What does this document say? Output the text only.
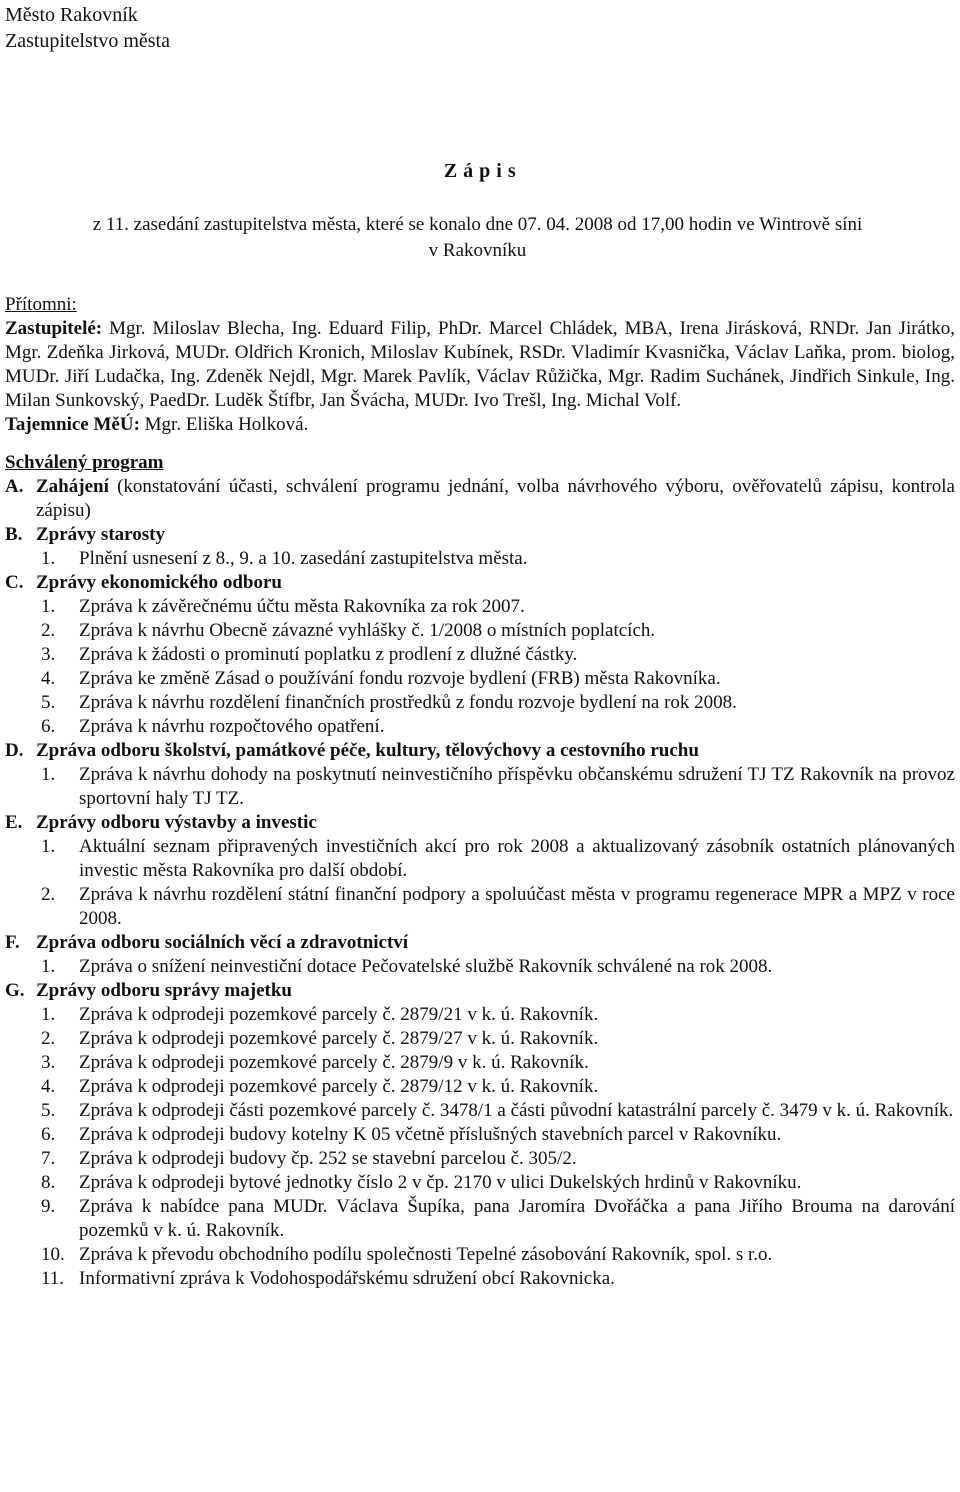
Město Rakovník
Zastupitelstvo města
Z á p i s
z 11. zasedání zastupitelstva města, které se konalo dne 07. 04. 2008 od 17,00 hodin ve Wintrově síni
v Rakovníku
Přítomni:
Zastupitelé: Mgr. Miloslav Blecha, Ing. Eduard Filip, PhDr. Marcel Chládek, MBA, Irena Jirásková, RNDr. Jan Jirátko, Mgr. Zdeňka Jirková, MUDr. Oldřich Kronich, Miloslav Kubínek, RSDr. Vladimír Kvasnička, Václav Laňka, prom. biolog, MUDr. Jiří Ludačka, Ing. Zdeněk Nejdl, Mgr. Marek Pavlík, Václav Růžička, Mgr. Radim Suchánek, Jindřich Sinkule, Ing. Milan Sunkovský, PaedDr. Luděk Štífbr, Jan Švácha, MUDr. Ivo Trešl, Ing. Michal Volf.
Tajemnice MěÚ: Mgr. Eliška Holková.
Schválený program
A. Zahájení (konstatování účasti, schválení programu jednání, volba návrhového výboru, ověřovatelů zápisu, kontrola zápisu)
B. Zprávy starosty
1.	Plnění usnesení z 8., 9. a 10. zasedání zastupitelstva města.
C. Zprávy ekonomického odboru
1.	Zpráva k závěrečnému účtu města Rakovníka za rok 2007.
2.	Zpráva k návrhu Obecně závazné vyhlášky č. 1/2008 o místních poplatcích.
3.	Zpráva k žádosti o prominutí poplatku z prodlení z dlužné částky.
4.	Zpráva ke změně Zásad o používání fondu rozvoje bydlení (FRB) města Rakovníka.
5.	Zpráva k návrhu rozdělení finančních prostředků z fondu rozvoje bydlení na rok 2008.
6.	Zpráva k návrhu rozpočtového opatření.
D. Zpráva odboru školství, památkové péče, kultury, tělovýchovy a cestovního ruchu
1.	Zpráva k návrhu dohody na poskytnutí neinvestičního příspěvku občanskému sdružení TJ TZ Rakovník na provoz sportovní haly TJ TZ.
E. Zprávy odboru výstavby a investic
1.	Aktuální seznam připravených investičních akcí pro rok 2008 a aktualizovaný zásobník ostatních plánovaných investic města Rakovníka pro další období.
2.	Zpráva k návrhu rozdělení státní finanční podpory a spoluúčast města v programu regenerace MPR a MPZ v roce 2008.
F. Zpráva odboru sociálních věcí a zdravotnictví
1.	Zpráva o snížení neinvestiční dotace Pečovatelské službě Rakovník schválené na rok 2008.
G. Zprávy odboru správy majetku
1.	Zpráva k odprodeji pozemkové parcely č. 2879/21 v k. ú. Rakovník.
2.	Zpráva k odprodeji pozemkové parcely č. 2879/27 v k. ú. Rakovník.
3.	Zpráva k odprodeji pozemkové parcely č. 2879/9 v k. ú. Rakovník.
4.	Zpráva k odprodeji pozemkové parcely č. 2879/12 v k. ú. Rakovník.
5.	Zpráva k odprodeji části pozemkové parcely č. 3478/1 a části původní katastrální parcely č. 3479 v k. ú. Rakovník.
6.	Zpráva k odprodeji budovy kotelny K 05 včetně příslušných stavebních parcel v Rakovníku.
7.	Zpráva k odprodeji budovy čp. 252 se stavební parcelou č. 305/2.
8.	Zpráva k odprodeji bytové jednotky číslo 2 v čp. 2170 v ulici Dukelských hrdinů v Rakovníku.
9.	Zpráva k nabídce pana MUDr. Václava Šupíka, pana Jaromíra Dvořáčka a pana Jiřího Brouma na darování pozemků v k. ú. Rakovník.
10. Zpráva k převodu obchodního podílu společnosti Tepelné zásobování Rakovník, spol. s r.o.
11. Informativní zpráva k Vodohospodářskému sdružení obcí Rakovnicka.
